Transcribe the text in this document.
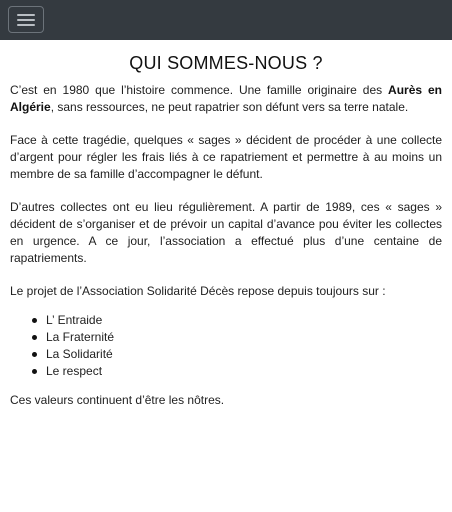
QUI SOMMES-NOUS ?

C’est en 1980 que l’histoire commence. Une famille originaire des Aurès en Algérie, sans ressources, ne peut rapatrier son défunt vers sa terre natale.

Face à cette tragédie, quelques « sages » décident de procéder à une collecte d’argent pour régler les frais liés à ce rapatriement et permettre à au moins un membre de sa famille d’accompagner le défunt.

D’autres collectes ont eu lieu régulièrement. A partir de 1989, ces « sages » décident de s’organiser et de prévoir un capital d’avance pou éviter les collectes en urgence. A ce jour, l’association a effectué plus d’une centaine de rapatriements.

Le projet de l’Association Solidarité Décès repose depuis toujours sur :

L’ Entraide
La Fraternité
La Solidarité
Le respect

Ces valeurs continuent d’être les nôtres.
